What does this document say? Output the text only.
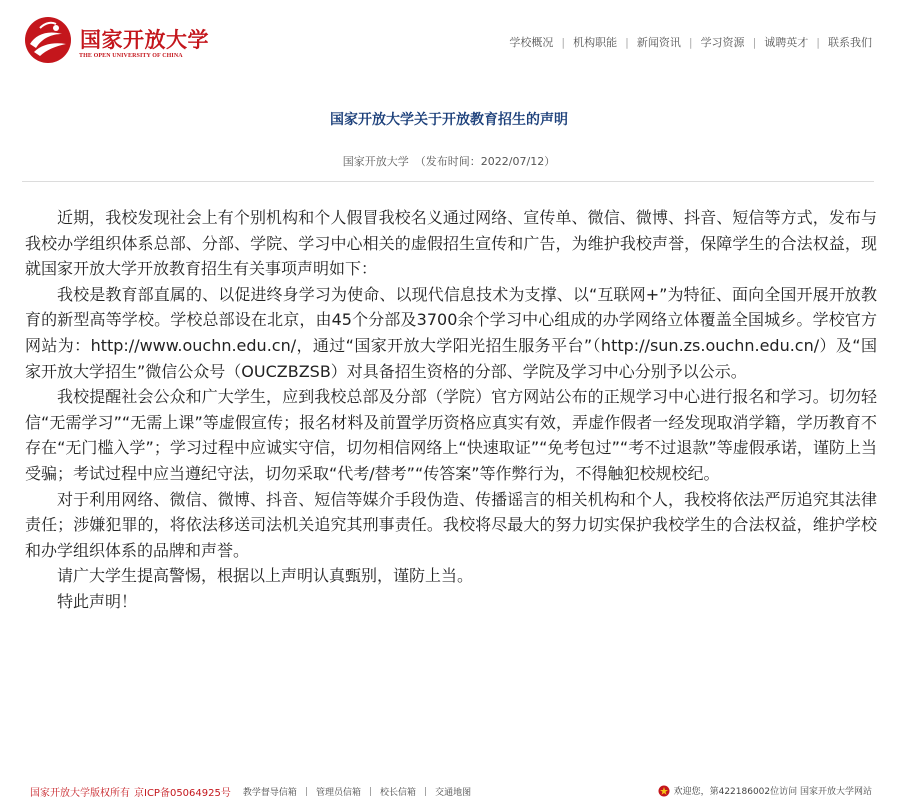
国家开放大学
THE OPEN UNIVERSITY OF CHINA
学校概况 | 机构职能 | 新闻资讯 | 学习资源 | 诚聘英才 | 联系我们
国家开放大学关于开放教育招生的声明
国家开放大学 （发布时间：2022/07/12）

近期，我校发现社会上有个别机构和个人假冒我校名义通过网络、宣传单、微信、微博、抖音、短信等方式，发布与我校办学组织体系总部、分部、学院、学习中心相关的虚假招生宣传和广告，为维护我校声誉，保障学生的合法权益，现就国家开放大学开放教育招生有关事项声明如下：

我校是教育部直属的、以促进终身学习为使命、以现代信息技术为支撑、以“互联网+”为特征、面向全国开展开放教育的新型高等学校。学校总部设在北京，由45个分部及3700余个学习中心组成的办学网络立体覆盖全国城乡。学校官方网站为：http://www.ouchn.edu.cn/，通过“国家开放大学阳光招生服务平台”（http://sun.zs.ouchn.edu.cn/）及“国家开放大学招生”微信公众号（OUCZBZSB）对具备招生资格的分部、学院及学习中心分别予以公示。

我校提醒社会公众和广大学生，应到我校总部及分部（学院）官方网站公布的正规学习中心进行报名和学习。切勿轻信“无需学习”“无需上课”等虚假宣传；报名材料及前置学历资格应真实有效，弄虚作假者一经发现取消学籍，学历教育不存在“无门槛入学”；学习过程中应诚实守信，切勿相信网络上“快速取证”“免考包过”“考不过退款”等虚假承诺，谨防上当受骗；考试过程中应当遵纪守法，切勿采取“代考/替考”“传答案”等作弊行为，不得触犯校规校纪。

对于利用网络、微信、微博、抖音、短信等媒介手段伪造、传播谣言的相关机构和个人，我校将依法严厉追究其法律责任；涉嫌犯罪的，将依法移送司法机关追究其刑事责任。我校将尽最大的努力切实保护我校学生的合法权益，维护学校和办学组织体系的品牌和声誉。

请广大学生提高警惕，根据以上声明认真甄别，谨防上当。

特此声明！

国家开放大学版权所有 京ICP备05064925号 教学督导信箱 | 管理员信箱 | 校长信箱 | 交通地图	欢迎您，第422186002位访问 国家开放大学网站
